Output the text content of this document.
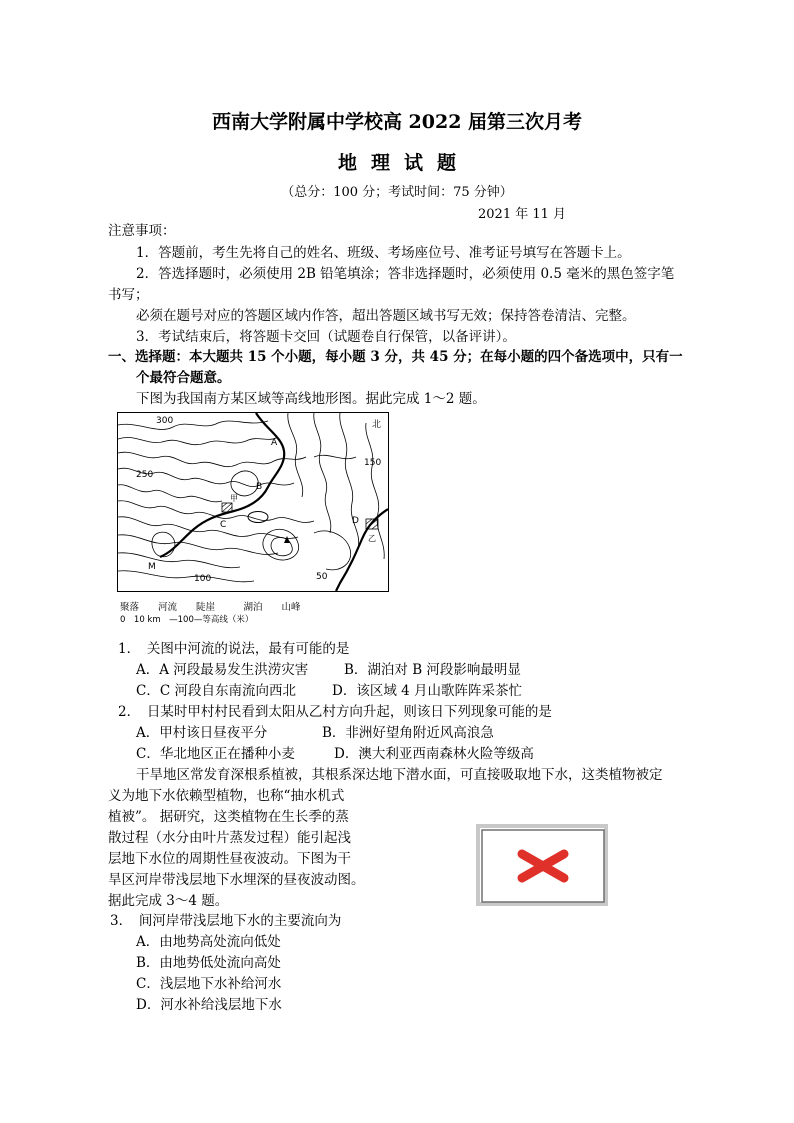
西南大学附属中学校高 2022 届第三次月考
地理试题
（总分：100 分；考试时间：75 分钟）
2021 年 11 月
注意事项：
1．答题前，考生先将自己的姓名、班级、考场座位号、准考证号填写在答题卡上。
2．答选择题时，必须使用 2B 铅笔填涂；答非选择题时，必须使用 0.5 毫米的黑色签字笔
书写；
必须在题号对应的答题区域内作答，超出答题区域书写无效；保持答卷清洁、完整。
3．考试结束后，将答题卡交回（试题卷自行保管，以备评讲）。
一、选择题：本大题共 15 个小题，每小题 3 分，共 45 分；在每小题的四个备选项中，只有一
个最符合题意。
下图为我国南方某区域等高线地形图。据此完成 1～2 题。
300
250
150
100	50
北
A
B
C	D
M
甲
乙
聚落　　河流　　陡崖　　　湖泊　　山峰
0　10 km　—100—等高线（米）
1．　关图中河流的说法，最有可能的是
A．A 河段最易发生洪涝灾害	B．湖泊对 B 河段影响最明显
C．C 河段自东南流向西北	D．该区域 4 月山歌阵阵采茶忙
2．　日某时甲村村民看到太阳从乙村方向升起，则该日下列现象可能的是
A．甲村该日昼夜平分	B．非洲好望角附近风高浪急
C．华北地区正在播种小麦	D．澳大利亚西南森林火险等级高
干旱地区常发育深根系植被，其根系深达地下潜水面，可直接吸取地下水，这类植物被定
义为地下水依赖型植物，也称“抽水机式
植被”。 据研究，这类植物在生长季的蒸
散过程（水分由叶片蒸发过程）能引起浅
层地下水位的周期性昼夜波动。下图为干
旱区河岸带浅层地下水埋深的昼夜波动图。
据此完成 3～4 题。
3．　间河岸带浅层地下水的主要流向为
A．由地势高处流向低处
B．由地势低处流向高处
C．浅层地下水补给河水
D．河水补给浅层地下水
